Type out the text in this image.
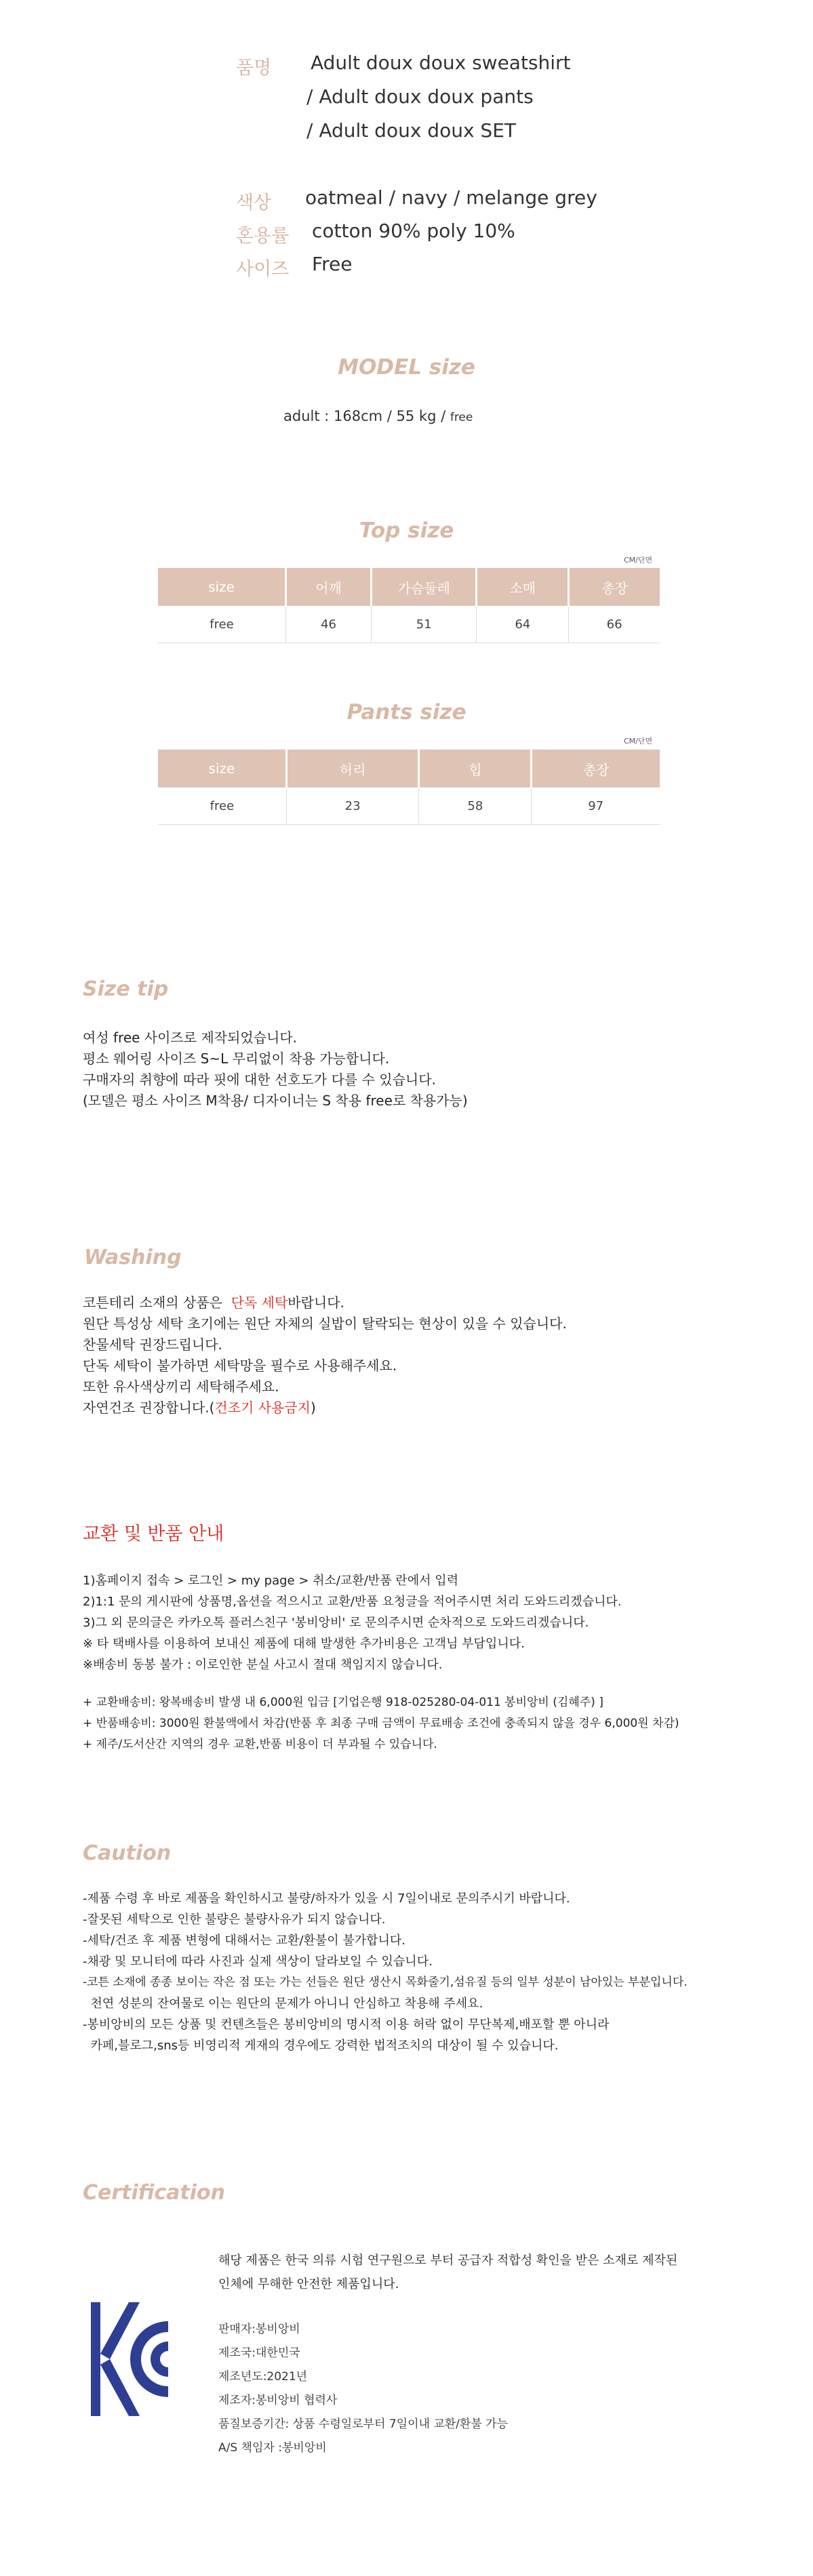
품명 Adult doux doux sweatshirt
/ Adult doux doux pants
/ Adult doux doux SET
색상 oatmeal / navy / melange grey
혼용률 cotton 90% poly 10%
사이즈 Free
MODEL size
adult : 168cm / 55 kg / free
Top size
CM/단면
size	어깨	가슴둘레	소매	총장
free	46	51	64	66
Pants size
CM/단면
size	허리	힙	총장
free	23	58	97
Size tip
여성 free 사이즈로 제작되었습니다.
평소 웨어링 사이즈 S~L 무리없이 착용 가능합니다.
구매자의 취향에 따라 핏에 대한 선호도가 다를 수 있습니다.
(모델은 평소 사이즈 M착용/ 디자이너는 S 착용 free로 착용가능)
Washing
코튼테리 소재의 상품은  단독 세탁바랍니다.
원단 특성상 세탁 초기에는 원단 자체의 실밥이 탈락되는 현상이 있을 수 있습니다.
찬물세탁 권장드립니다.
단독 세탁이 불가하면 세탁망을 필수로 사용해주세요.
또한 유사색상끼리 세탁해주세요.
자연건조 권장합니다.(건조기 사용금지)
교환 및 반품 안내
1)홈페이지 접속 > 로그인 > my page > 취소/교환/반품 란에서 입력
2)1:1 문의 게시판에 상품명,옵션을 적으시고 교환/반품 요청글을 적어주시면 처리 도와드리겠습니다.
3)그 외 문의글은 카카오톡 플러스친구 '봉비앙비' 로 문의주시면 순차적으로 도와드리겠습니다.
※ 타 택배사를 이용하여 보내신 제품에 대해 발생한 추가비용은 고객님 부담입니다.
※배송비 동봉 불가 : 이로인한 분실 사고시 절대 책임지지 않습니다.
+ 교환배송비: 왕복배송비 발생 내 6,000원 입금 [기업은행 918-025280-04-011 봉비앙비 (김혜주) ]
+ 반품배송비: 3000원 환불액에서 차감(반품 후 최종 구매 금액이 무료배송 조건에 충족되지 않을 경우 6,000원 차감)
+ 제주/도서산간 지역의 경우 교환,반품 비용이 더 부과될 수 있습니다.
Caution
-제품 수령 후 바로 제품을 확인하시고 불량/하자가 있을 시 7일이내로 문의주시기 바랍니다.
-잘못된 세탁으로 인한 불량은 불량사유가 되지 않습니다.
-세탁/건조 후 제품 변형에 대해서는 교환/환불이 불가합니다.
-채광 및 모니터에 따라 사진과 실제 색상이 달라보일 수 있습니다.
-코튼 소재에 종종 보이는 작은 점 또는 가는 선들은 원단 생산시 목화줄기,섬유질 등의 일부 성분이 남아있는 부분입니다.
천연 성분의 잔여물로 이는 원단의 문제가 아니니 안심하고 착용해 주세요.
-봉비앙비의 모든 상품 및 컨텐츠들은 봉비앙비의 명시적 이용 허락 없이 무단복제,배포할 뿐 아니라
카페,블로그,sns등 비영리적 게재의 경우에도 강력한 법적조치의 대상이 될 수 있습니다.
Certification
해당 제품은 한국 의류 시험 연구원으로 부터 공급자 적합성 확인을 받은 소재로 제작된
인체에 무해한 안전한 제품입니다.
판매자:봉비앙비
제조국:대한민국
제조년도:2021년
제조자:봉비앙비 협력사
품질보증기간: 상품 수령일로부터 7일이내 교환/환불 가능
A/S 책임자 :봉비앙비
